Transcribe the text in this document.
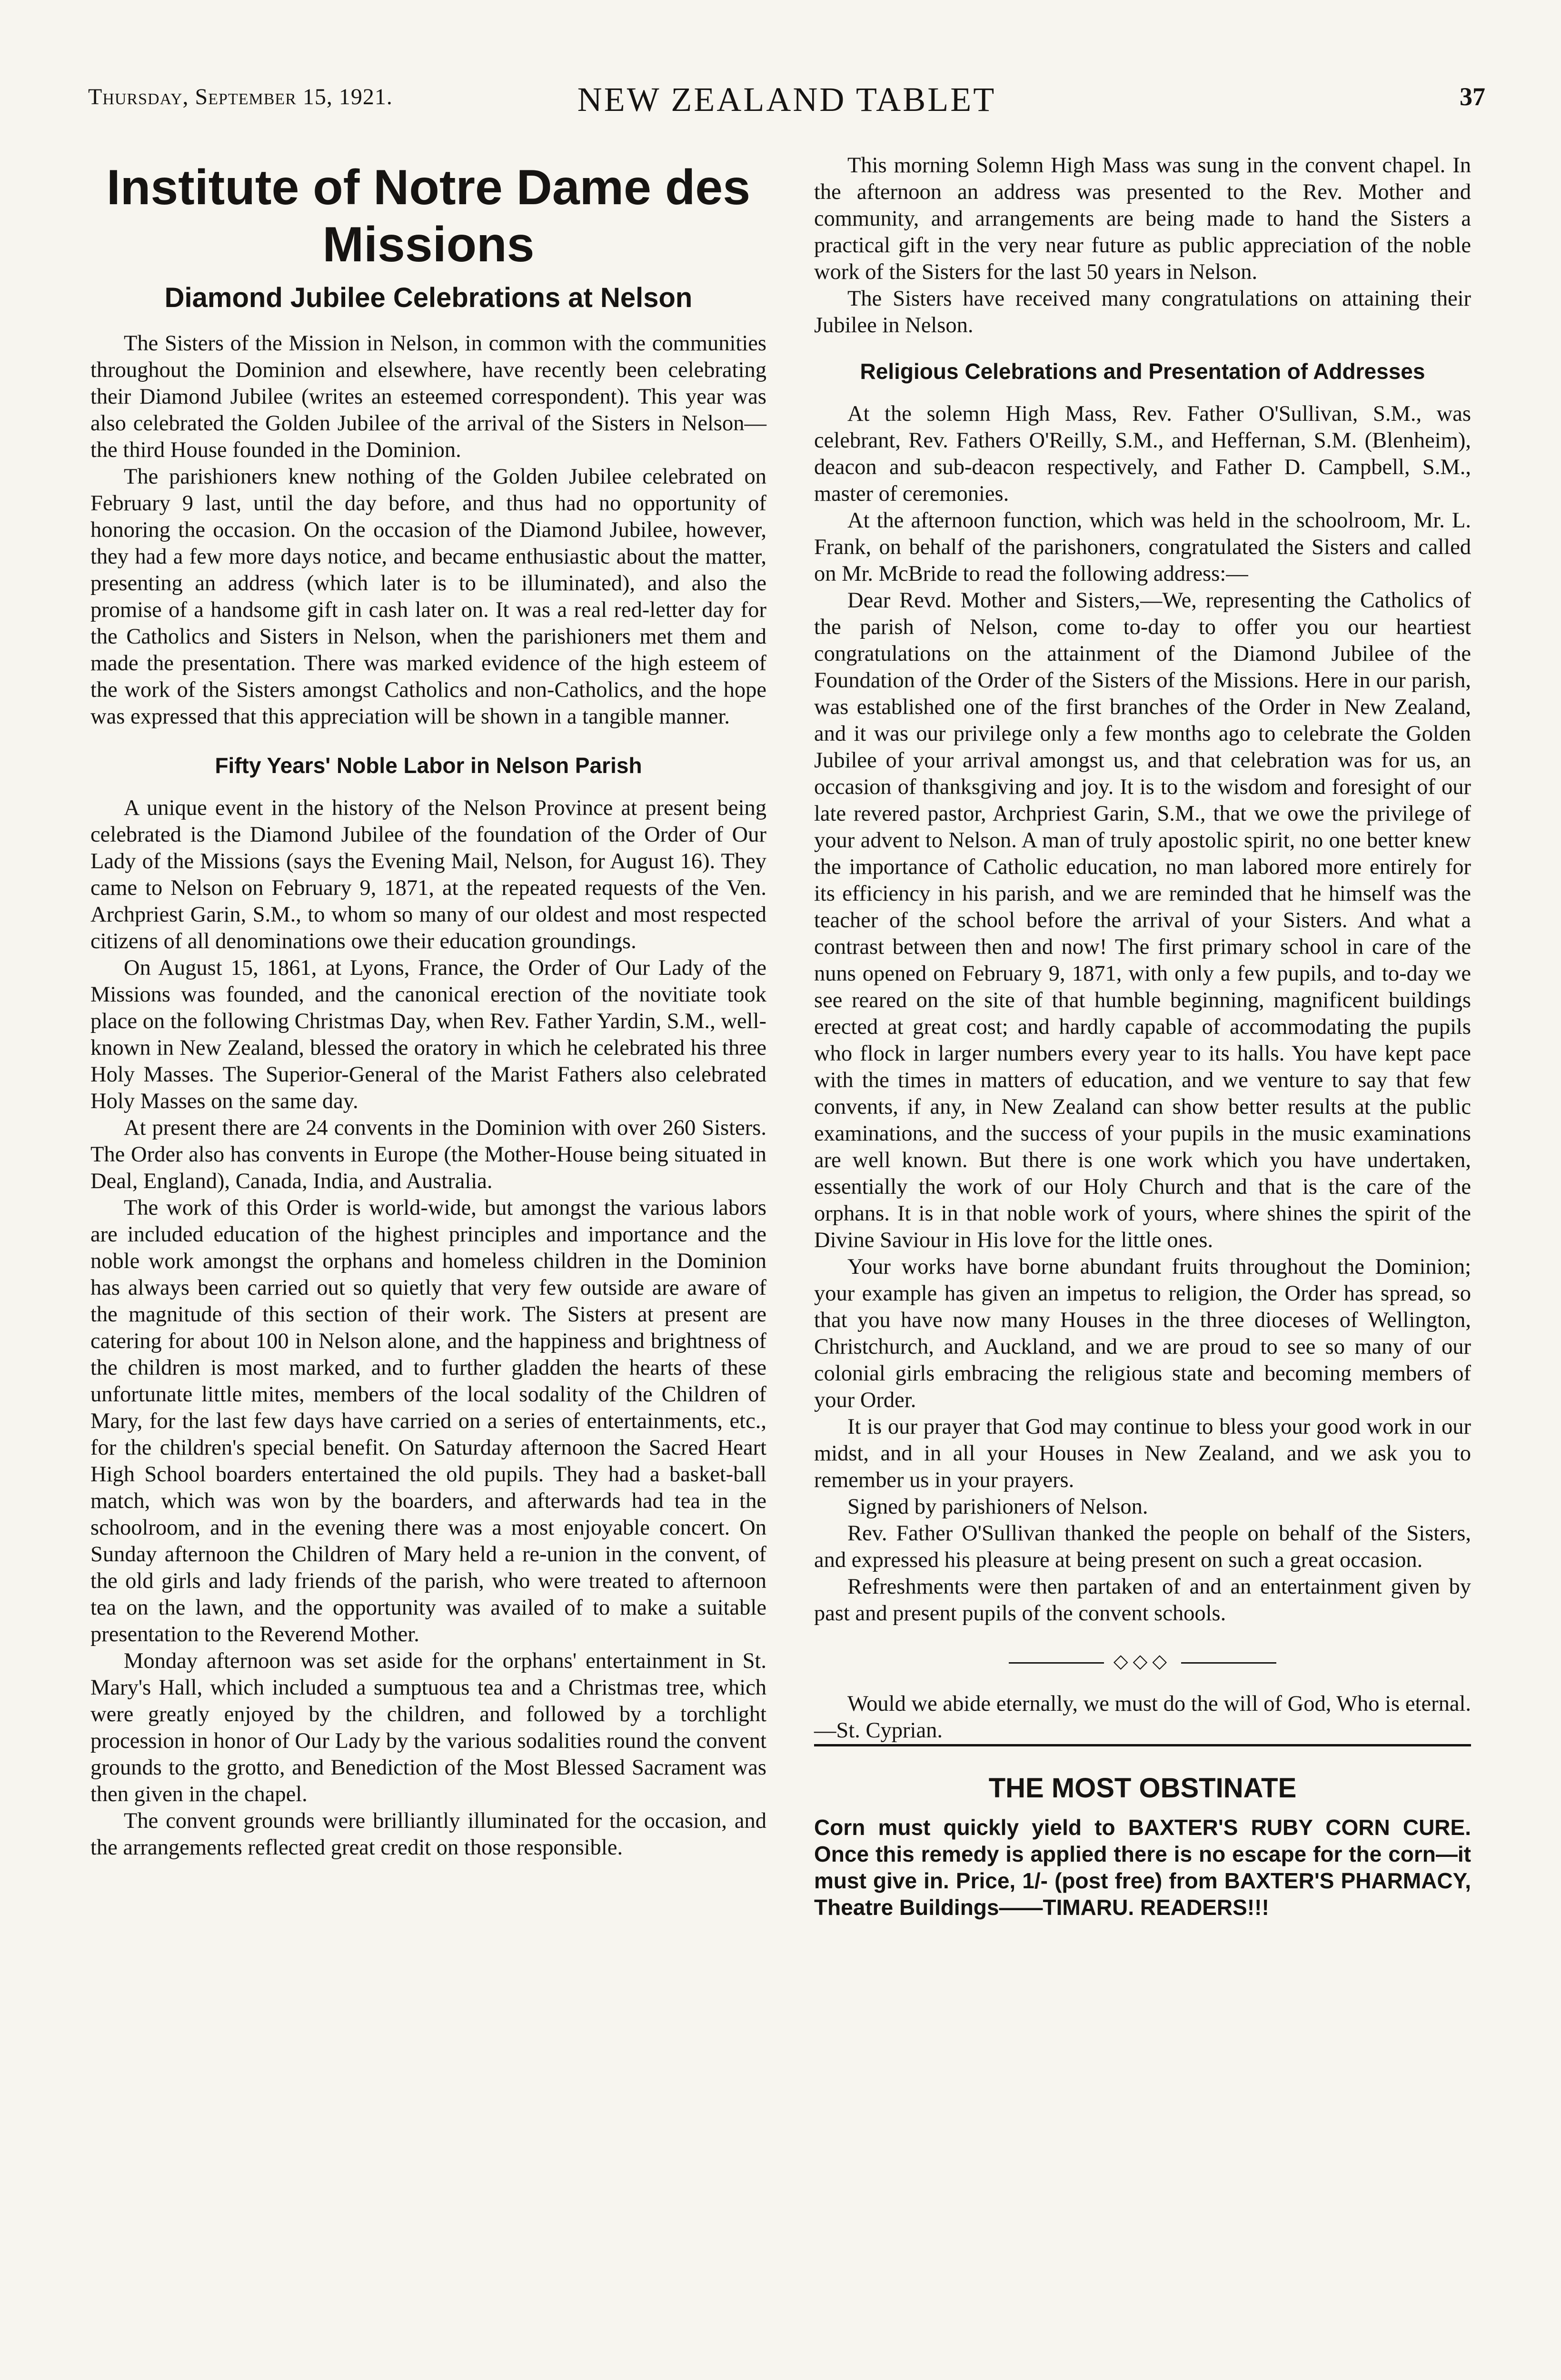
Thursday, September 15, 1921.	NEW ZEALAND TABLET	37
Institute of Notre Dame des Missions
Diamond Jubilee Celebrations at Nelson

The Sisters of the Mission in Nelson, in common with the communities throughout the Dominion and elsewhere, have recently been celebrating their Diamond Jubilee (writes an esteemed correspondent). This year was also celebrated the Golden Jubilee of the arrival of the Sisters in Nelson—the third House founded in the Dominion.

The parishioners knew nothing of the Golden Jubilee celebrated on February 9 last, until the day before, and thus had no opportunity of honoring the occasion. On the occasion of the Diamond Jubilee, however, they had a few more days notice, and became enthusiastic about the matter, presenting an address (which later is to be illuminated), and also the promise of a handsome gift in cash later on. It was a real red-letter day for the Catholics and Sisters in Nelson, when the parishioners met them and made the presentation. There was marked evidence of the high esteem of the work of the Sisters amongst Catholics and non-Catholics, and the hope was expressed that this appreciation will be shown in a tangible manner.

Fifty Years' Noble Labor in Nelson Parish

A unique event in the history of the Nelson Province at present being celebrated is the Diamond Jubilee of the foundation of the Order of Our Lady of the Missions (says the Evening Mail, Nelson, for August 16). They came to Nelson on February 9, 1871, at the repeated requests of the Ven. Archpriest Garin, S.M., to whom so many of our oldest and most respected citizens of all denominations owe their education groundings.

On August 15, 1861, at Lyons, France, the Order of Our Lady of the Missions was founded, and the canonical erection of the novitiate took place on the following Christmas Day, when Rev. Father Yardin, S.M., well-known in New Zealand, blessed the oratory in which he celebrated his three Holy Masses. The Superior-General of the Marist Fathers also celebrated Holy Masses on the same day.

At present there are 24 convents in the Dominion with over 260 Sisters. The Order also has convents in Europe (the Mother-House being situated in Deal, England), Canada, India, and Australia.

The work of this Order is world-wide, but amongst the various labors are included education of the highest principles and importance and the noble work amongst the orphans and homeless children in the Dominion has always been carried out so quietly that very few outside are aware of the magnitude of this section of their work. The Sisters at present are catering for about 100 in Nelson alone, and the happiness and brightness of the children is most marked, and to further gladden the hearts of these unfortunate little mites, members of the local sodality of the Children of Mary, for the last few days have carried on a series of entertainments, etc., for the children's special benefit. On Saturday afternoon the Sacred Heart High School boarders entertained the old pupils. They had a basket-ball match, which was won by the boarders, and afterwards had tea in the schoolroom, and in the evening there was a most enjoyable concert. On Sunday afternoon the Children of Mary held a re-union in the convent, of the old girls and lady friends of the parish, who were treated to afternoon tea on the lawn, and the opportunity was availed of to make a suitable presentation to the Reverend Mother.

Monday afternoon was set aside for the orphans' entertainment in St. Mary's Hall, which included a sumptuous tea and a Christmas tree, which were greatly enjoyed by the children, and followed by a torchlight procession in honor of Our Lady by the various sodalities round the convent grounds to the grotto, and Benediction of the Most Blessed Sacrament was then given in the chapel.

The convent grounds were brilliantly illuminated for the occasion, and the arrangements reflected great credit on those responsible.

This morning Solemn High Mass was sung in the convent chapel. In the afternoon an address was presented to the Rev. Mother and community, and arrangements are being made to hand the Sisters a practical gift in the very near future as public appreciation of the noble work of the Sisters for the last 50 years in Nelson.

The Sisters have received many congratulations on attaining their Jubilee in Nelson.

Religious Celebrations and Presentation of Addresses

At the solemn High Mass, Rev. Father O'Sullivan, S.M., was celebrant, Rev. Fathers O'Reilly, S.M., and Heffernan, S.M. (Blenheim), deacon and sub-deacon respectively, and Father D. Campbell, S.M., master of ceremonies.

At the afternoon function, which was held in the schoolroom, Mr. L. Frank, on behalf of the parishoners, congratulated the Sisters and called on Mr. McBride to read the following address:—

Dear Revd. Mother and Sisters,—We, representing the Catholics of the parish of Nelson, come to-day to offer you our heartiest congratulations on the attainment of the Diamond Jubilee of the Foundation of the Order of the Sisters of the Missions. Here in our parish, was established one of the first branches of the Order in New Zealand, and it was our privilege only a few months ago to celebrate the Golden Jubilee of your arrival amongst us, and that celebration was for us, an occasion of thanksgiving and joy. It is to the wisdom and foresight of our late revered pastor, Archpriest Garin, S.M., that we owe the privilege of your advent to Nelson. A man of truly apostolic spirit, no one better knew the importance of Catholic education, no man labored more entirely for its efficiency in his parish, and we are reminded that he himself was the teacher of the school before the arrival of your Sisters. And what a contrast between then and now! The first primary school in care of the nuns opened on February 9, 1871, with only a few pupils, and to-day we see reared on the site of that humble beginning, magnificent buildings erected at great cost; and hardly capable of accommodating the pupils who flock in larger numbers every year to its halls. You have kept pace with the times in matters of education, and we venture to say that few convents, if any, in New Zealand can show better results at the public examinations, and the success of your pupils in the music examinations are well known. But there is one work which you have undertaken, essentially the work of our Holy Church and that is the care of the orphans. It is in that noble work of yours, where shines the spirit of the Divine Saviour in His love for the little ones.

Your works have borne abundant fruits throughout the Dominion; your example has given an impetus to religion, the Order has spread, so that you have now many Houses in the three dioceses of Wellington, Christchurch, and Auckland, and we are proud to see so many of our colonial girls embracing the religious state and becoming members of your Order.

It is our prayer that God may continue to bless your good work in our midst, and in all your Houses in New Zealand, and we ask you to remember us in your prayers.

Signed by parishioners of Nelson.

Rev. Father O'Sullivan thanked the people on behalf of the Sisters, and expressed his pleasure at being present on such a great occasion.

Refreshments were then partaken of and an entertainment given by past and present pupils of the convent schools.

◇◇◇

Would we abide eternally, we must do the will of God, Who is eternal.—St. Cyprian.

THE MOST OBSTINATE
Corn must quickly yield to BAXTER'S RUBY CORN CURE. Once this remedy is applied there is no escape for the corn—it must give in. Price, 1/- (post free) from BAXTER'S PHARMACY, Theatre Buildings——TIMARU. READERS!!!
